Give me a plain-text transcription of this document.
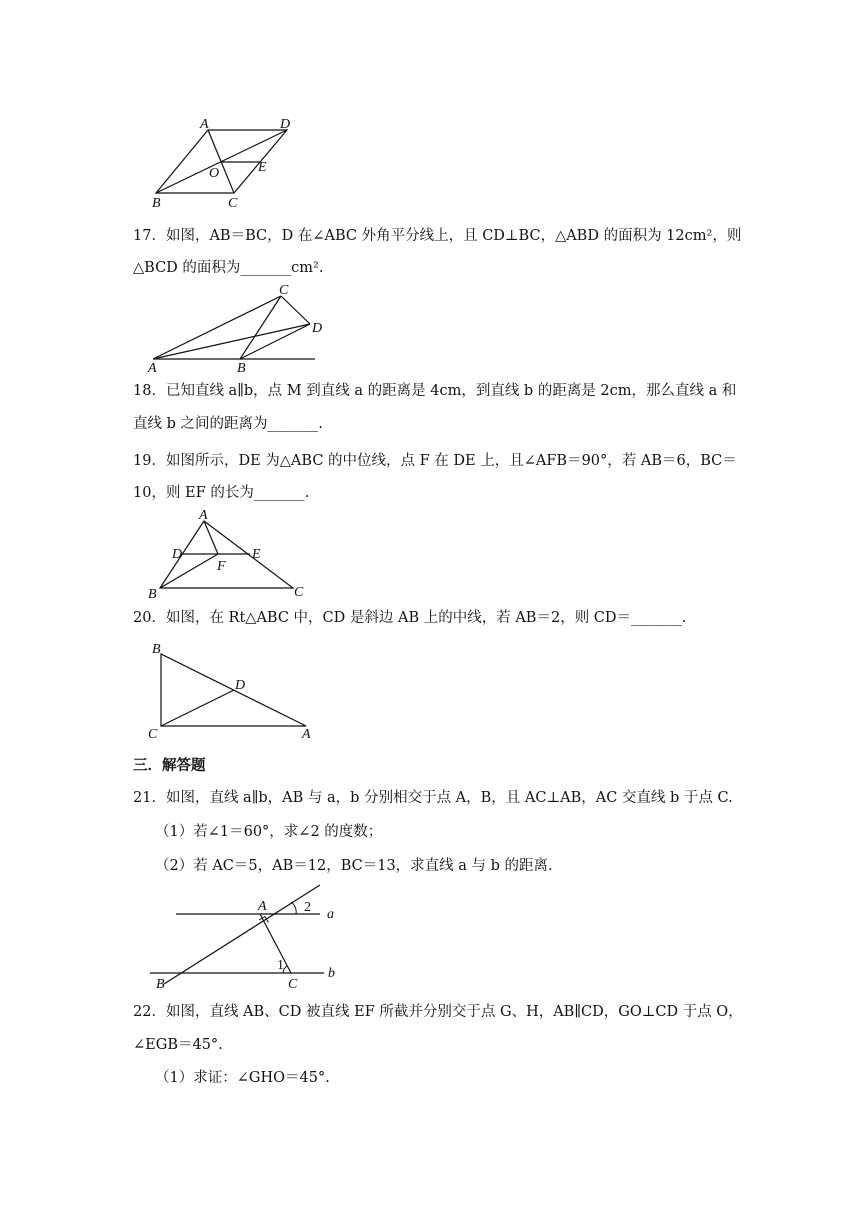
A	D
O	E
B	C
17．如图，AB＝BC，D 在∠ABC 外角平分线上，且 CD⊥BC，△ABD 的面积为 12cm²，则
△BCD 的面积为_______cm².
A	B
C
D
18．已知直线 a∥b，点 M 到直线 a 的距离是 4cm，到直线 b 的距离是 2cm，那么直线 a 和
直线 b 之间的距离为_______.
19．如图所示，DE 为△ABC 的中位线，点 F 在 DE 上，且∠AFB＝90°，若 AB＝6，BC＝
10，则 EF 的长为_______.
A
D	E
F
B	C
20．如图，在 Rt△ABC 中，CD 是斜边 AB 上的中线，若 AB＝2，则 CD＝_______.
B
D
C	A
三．解答题
21．如图，直线 a∥b，AB 与 a，b 分别相交于点 A，B，且 AC⊥AB，AC 交直线 b 于点 C.
（1）若∠1＝60°，求∠2 的度数；
（2）若 AC＝5，AB＝12，BC＝13，求直线 a 与 b 的距离.
A
a
2
1
b
B	C
22．如图，直线 AB、CD 被直线 EF 所截并分别交于点 G、H，AB∥CD，GO⊥CD 于点 O，
∠EGB＝45°.
（1）求证：∠GHO＝45°.
